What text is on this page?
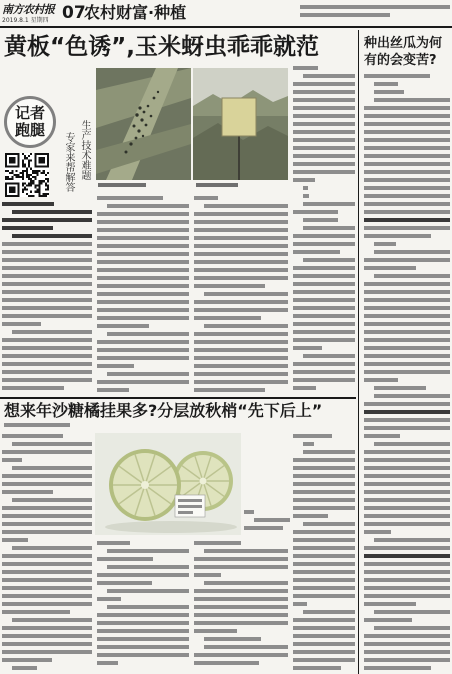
南方农村报
2019.8.1 星期四 07
农村财富·种植
黄板“色诱”,玉米蚜虫乖乖就范
记者
跑腿	生产技术难题
专家来帮解答
想来年沙糖橘挂果多?分层放秋梢“先下后上”
种出丝瓜为何
有的会变苦?
